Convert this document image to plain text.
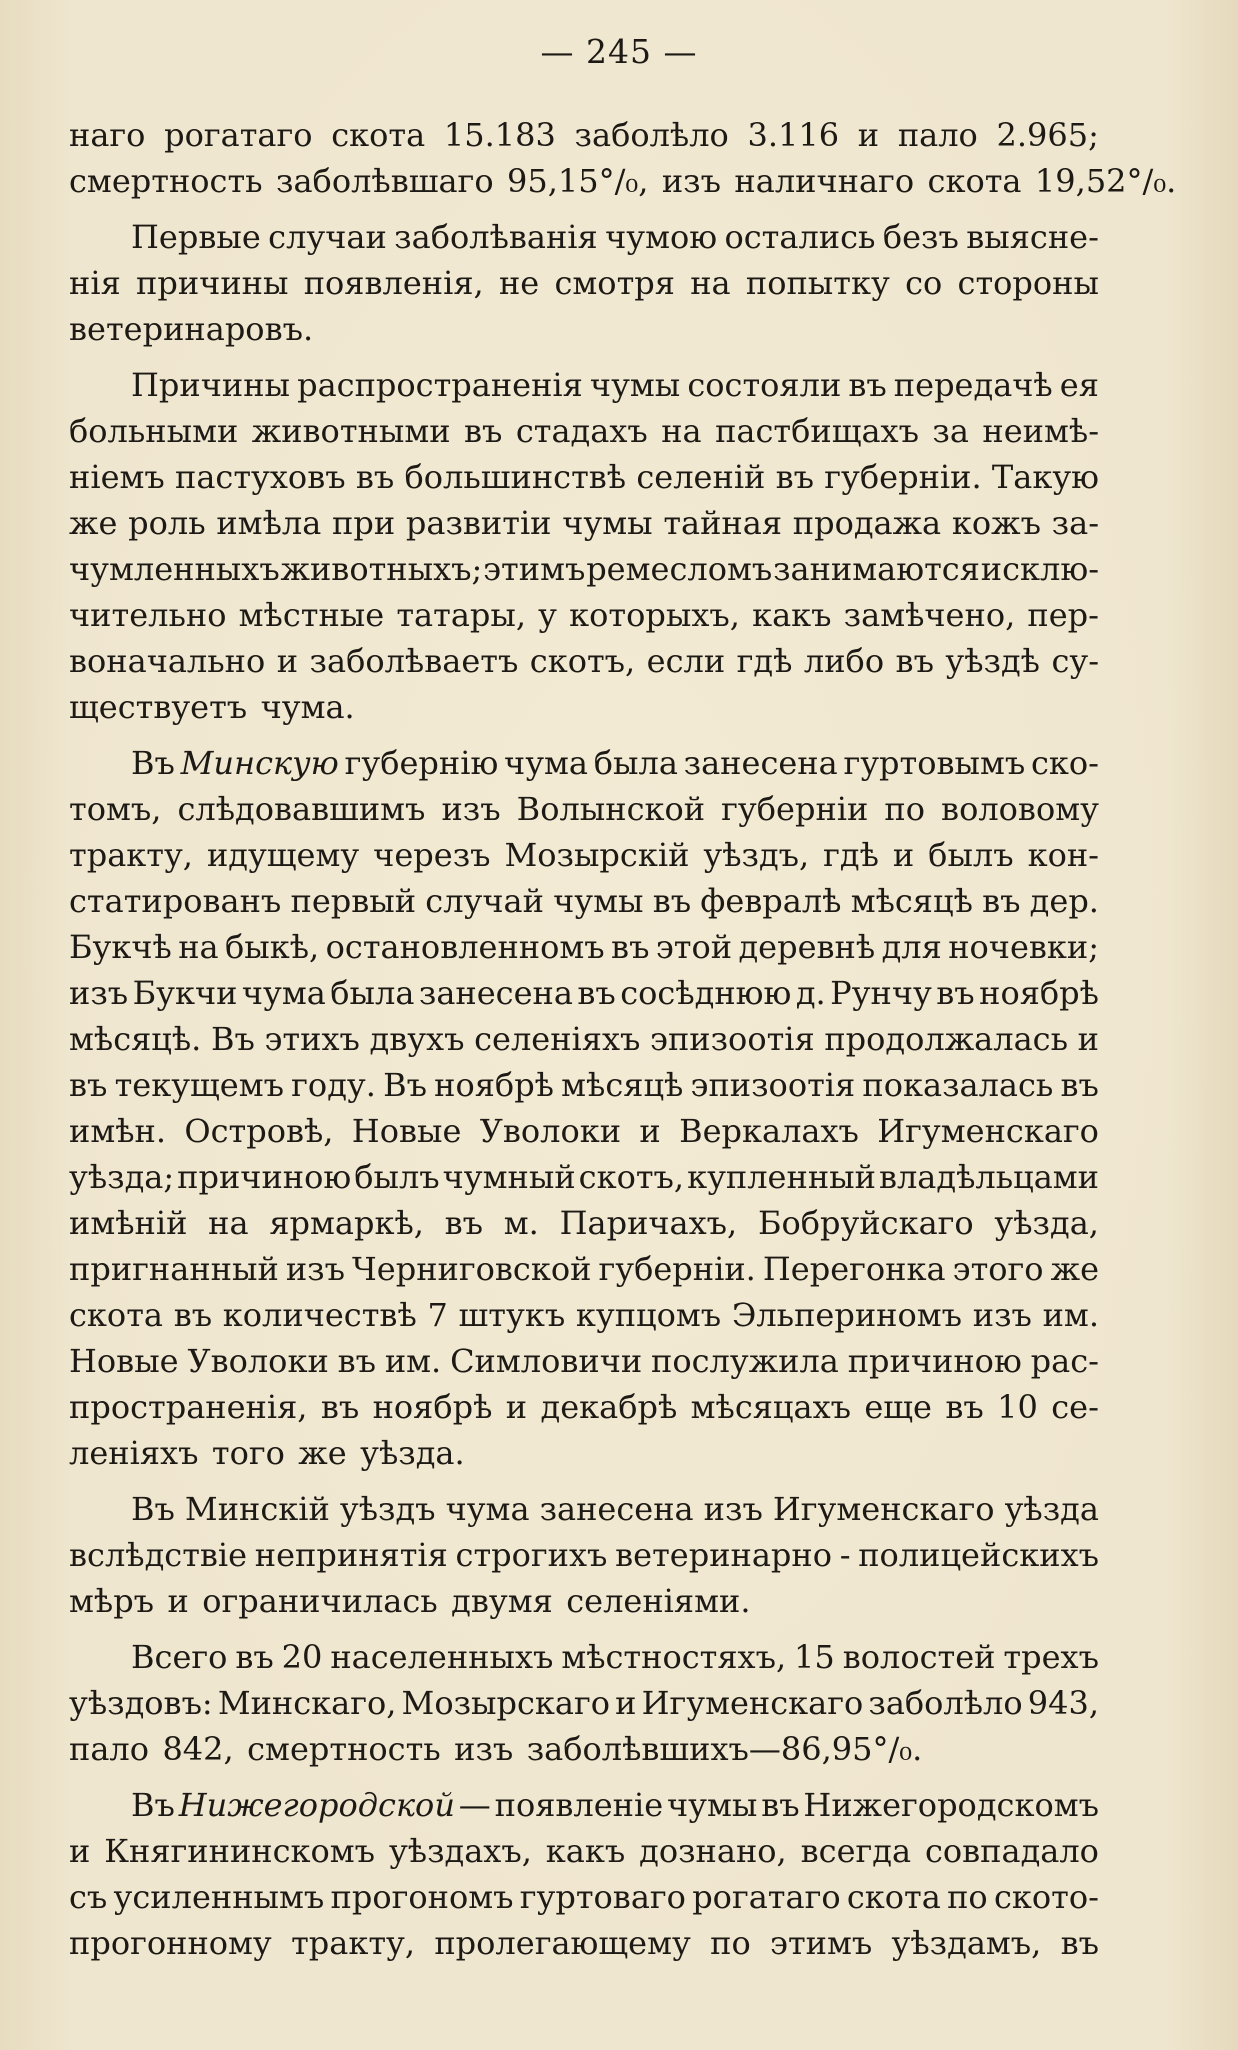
— 245 —
наго рогатаго скота 15.183 заболѣло 3.116 и пало 2.965;
смертность заболѣвшаго 95,15°/₀, изъ наличнаго скота 19,52°/₀.
Первые случаи заболѣванія чумою остались безъ выясне-
нія причины появленія, не смотря на попытку со стороны
ветеринаровъ.
Причины распространенія чумы состояли въ передачѣ ея
больными животными въ стадахъ на пастбищахъ за неимѣ-
ніемъ пастуховъ въ большинствѣ селеній въ губерніи. Такую
же роль имѣла при развитіи чумы тайная продажа кожъ за-
чумленныхъ животныхъ; этимъ ремесломъ занимаются исклю-
чительно мѣстные татары, у которыхъ, какъ замѣчено, пер-
воначально и заболѣваетъ скотъ, если гдѣ либо въ уѣздѣ су-
ществуетъ чума.
Въ Минскую губернію чума была занесена гуртовымъ ско-
томъ, слѣдовавшимъ изъ Волынской губерніи по воловому
тракту, идущему черезъ Мозырскій уѣздъ, гдѣ и былъ кон-
статированъ первый случай чумы въ февралѣ мѣсяцѣ въ дер.
Букчѣ на быкѣ, остановленномъ въ этой деревнѣ для ночевки;
изъ Букчи чума была занесена въ сосѣднюю д. Рунчу въ ноябрѣ
мѣсяцѣ. Въ этихъ двухъ селеніяхъ эпизоотія продолжалась и
въ текущемъ году. Въ ноябрѣ мѣсяцѣ эпизоотія показалась въ
имѣн. Островѣ, Новые Уволоки и Веркалахъ Игуменскаго
уѣзда; причиною былъ чумный скотъ, купленный владѣльцами
имѣній на ярмаркѣ, въ м. Паричахъ, Бобруйскаго уѣзда,
пригнанный изъ Черниговской губерніи. Перегонка этого же
скота въ количествѣ 7 штукъ купцомъ Эльпериномъ изъ им.
Новые Уволоки въ им. Симловичи послужила причиною рас-
пространенія, въ ноябрѣ и декабрѣ мѣсяцахъ еще въ 10 се-
леніяхъ того же уѣзда.
Въ Минскій уѣздъ чума занесена изъ Игуменскаго уѣзда
вслѣдствіе непринятія строгихъ ветеринарно - полицейскихъ
мѣръ и ограничилась двумя селеніями.
Всего въ 20 населенныхъ мѣстностяхъ, 15 волостей трехъ
уѣздовъ: Минскаго, Мозырскаго и Игуменскаго заболѣло 943,
пало 842, смертность изъ заболѣвшихъ—86,95°/₀.
Въ Нижегородской — появленіе чумы въ Нижегородскомъ
и Княгининскомъ уѣздахъ, какъ дознано, всегда совпадало
съ усиленнымъ прогономъ гуртоваго рогатаго скота по ското-
прогонному тракту, пролегающему по этимъ уѣздамъ, въ
